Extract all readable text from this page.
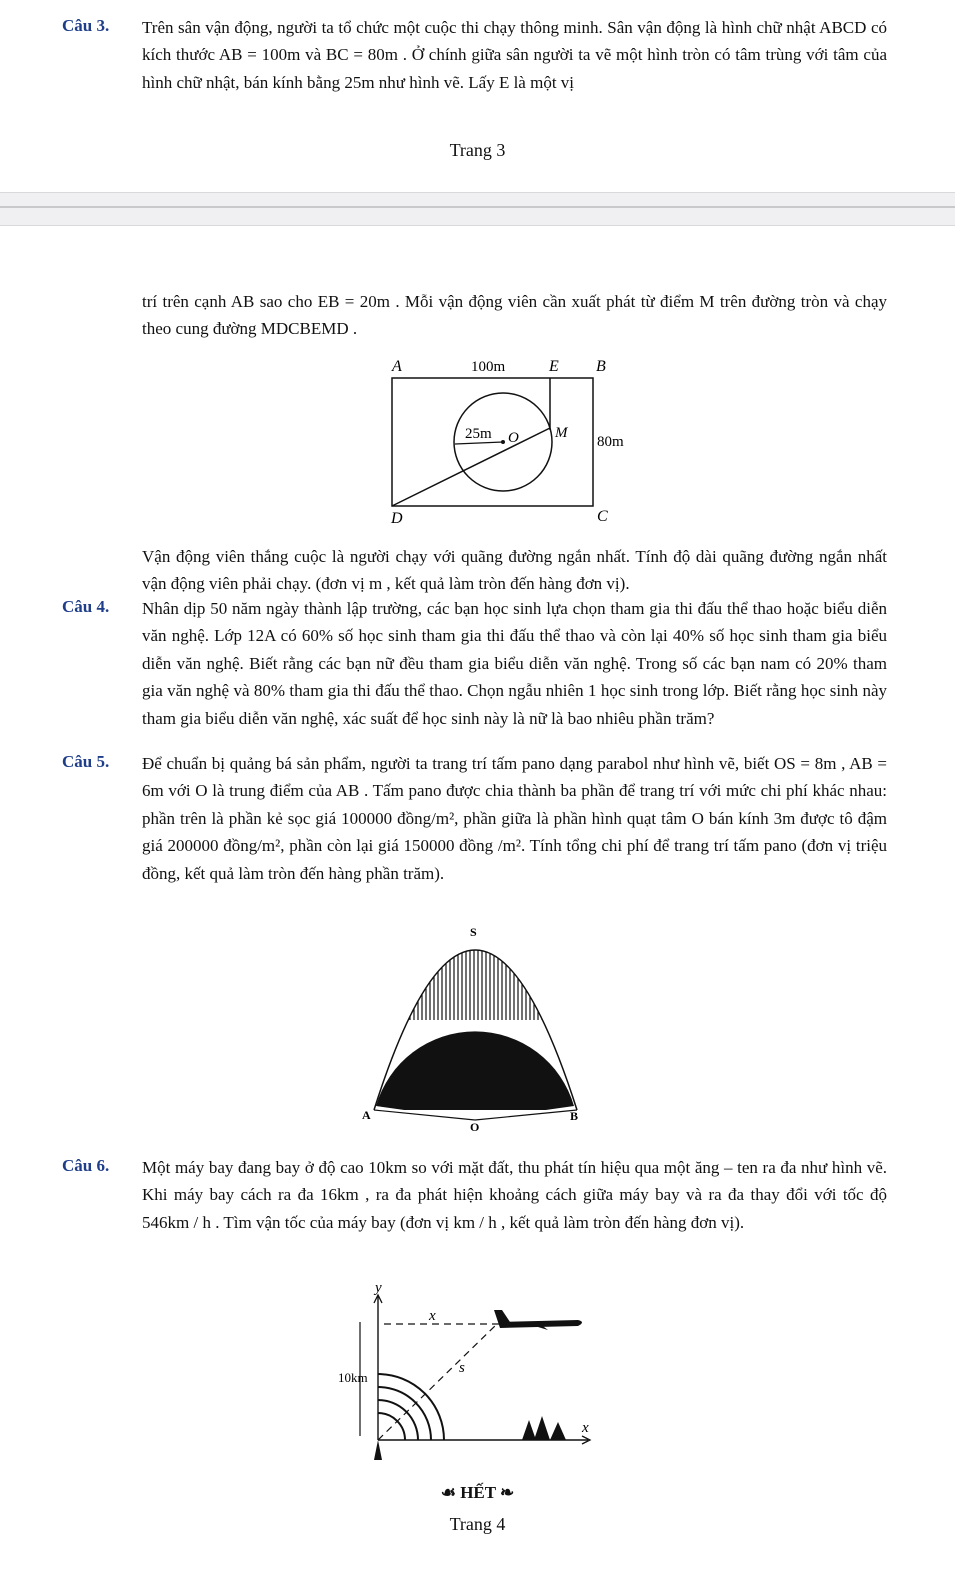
Câu 3. Trên sân vận động, người ta tổ chức một cuộc thi chạy thông minh. Sân vận động là hình chữ nhật ABCD có kích thước AB = 100m và BC = 80m . Ở chính giữa sân người ta vẽ một hình tròn có tâm trùng với tâm của hình chữ nhật, bán kính bằng 25m như hình vẽ. Lấy E là một vị
Trang 3
trí trên cạnh AB sao cho EB = 20m . Mỗi vận động viên cần xuất phát từ điểm M trên đường tròn và chạy theo cung đường MDCBEMD .
A	100m	E B
25m O M
80m
D	C
Vận động viên thắng cuộc là người chạy với quãng đường ngắn nhất. Tính độ dài quãng đường ngắn nhất vận động viên phải chạy. (đơn vị m , kết quả làm tròn đến hàng đơn vị).
Câu 4. Nhân dịp 50 năm ngày thành lập trường, các bạn học sinh lựa chọn tham gia thi đấu thể thao hoặc biểu diễn văn nghệ. Lớp 12A có 60% số học sinh tham gia thi đấu thể thao và còn lại 40% số học sinh tham gia biểu diễn văn nghệ. Biết rằng các bạn nữ đều tham gia biểu diễn văn nghệ. Trong số các bạn nam có 20% tham gia văn nghệ và 80% tham gia thi đấu thể thao. Chọn ngẫu nhiên 1 học sinh trong lớp. Biết rằng học sinh này tham gia biểu diễn văn nghệ, xác suất để học sinh này là nữ là bao nhiêu phần trăm?
Câu 5. Để chuẩn bị quảng bá sản phẩm, người ta trang trí tấm pano dạng parabol như hình vẽ, biết OS = 8m , AB = 6m với O là trung điểm của AB . Tấm pano được chia thành ba phần để trang trí với mức chi phí khác nhau: phần trên là phần kẻ sọc giá 100000 đồng/m², phần giữa là phần hình quạt tâm O bán kính 3m được tô đậm giá 200000 đồng/m², phần còn lại giá 150000 đồng /m². Tính tổng chi phí để trang trí tấm pano (đơn vị triệu đồng, kết quả làm tròn đến hàng phần trăm).
S
A
O
B
Câu 6. Một máy bay đang bay ở độ cao 10km so với mặt đất, thu phát tín hiệu qua một ăng – ten ra đa như hình vẽ. Khi máy bay cách ra đa 16km , ra đa phát hiện khoảng cách giữa máy bay và ra đa thay đổi với tốc độ 546km / h . Tìm vận tốc của máy bay (đơn vị km / h , kết quả làm tròn đến hàng đơn vị).
y
x
s
x
10km
☙ HẾT ❧
Trang 4
